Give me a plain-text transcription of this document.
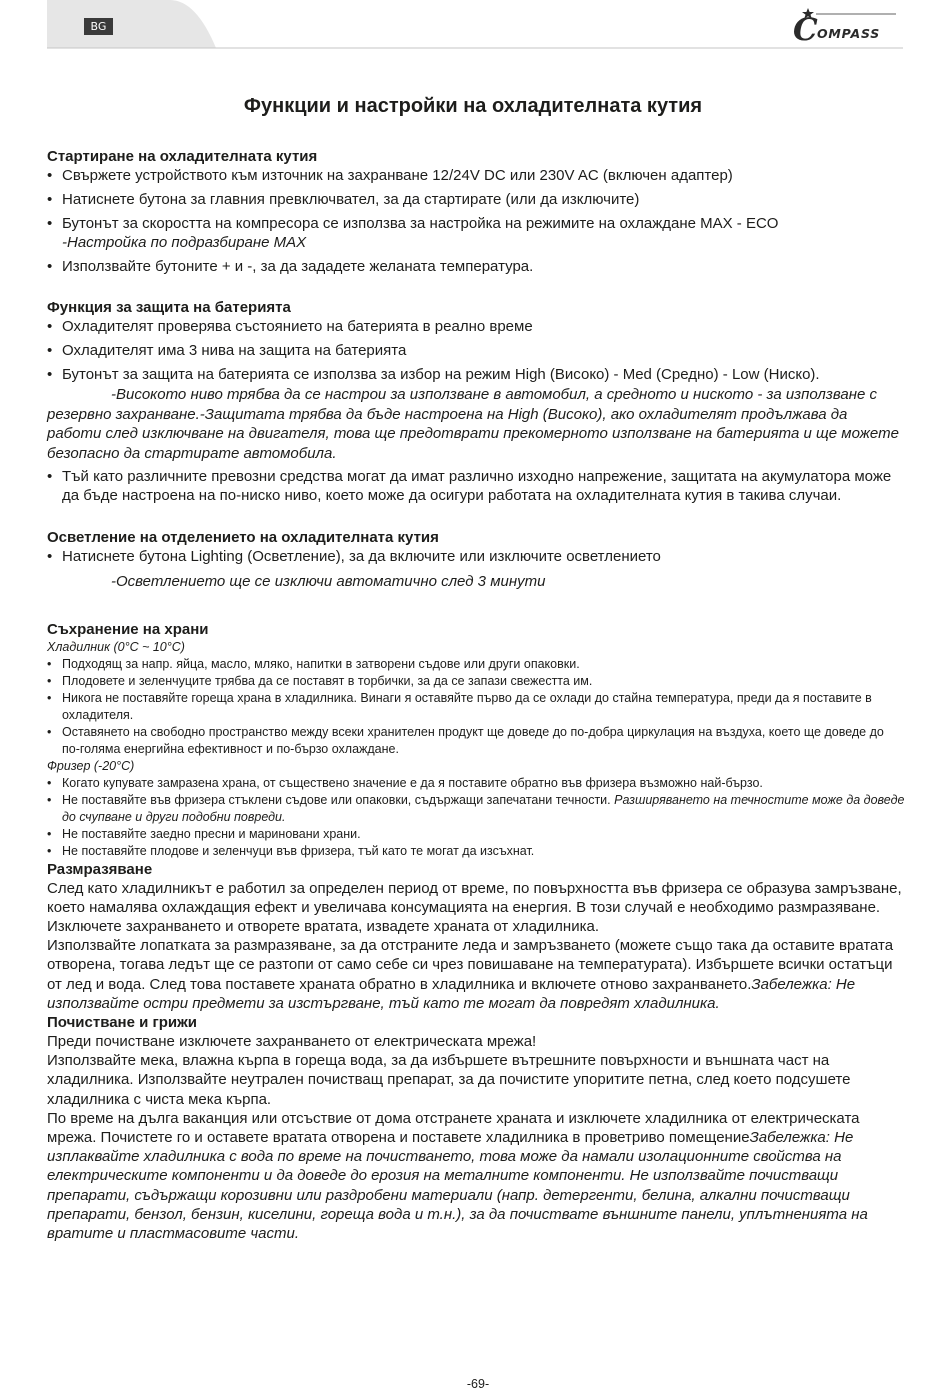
BG	C OMPASS
Функции и настройки на охладителната кутия
Стартиране на охладителната кутия
• Свържете устройството към източник на захранване 12/24V DC или 230V AC (включен адаптер)
• Натиснете бутона за главния превключвател, за да стартирате (или да изключите)
• Бутонът за скоростта на компресора се използва за настройка на режимите на охлаждане MAX - ECO
-Настройка по подразбиране MAX
• Използвайте бутоните + и -, за да зададете желаната температура.
Функция за защита на батерията
• Охладителят проверява състоянието на батерията в реално време
• Охладителят има 3 нива на защита на батерията
• Бутонът за защита на батерията се използва за избор на режим High (Високо) - Med (Средно) - Low (Ниско).

-Високото ниво трябва да се настрои за използване в автомобил, а средното и ниското - за използване с резервно захранване.-Защитата трябва да бъде настроена на High (Високо), ако охладителят продължава да работи след изключване на двигателя, това ще предотврати прекомерното използване на батерията и ще можете безопасно да стартирате автомобила.

• Тъй като различните превозни средства могат да имат различно изходно напрежение, защитата на акумулатора може да бъде настроена на по-ниско ниво, което може да осигури работата на охладителната кутия в такива случаи.
Осветление на отделението на охладителната кутия
• Натиснете бутона Lighting (Осветление), за да включите или изключите осветлението

-Осветлението ще се изключи автоматично след 3 минути

Съхранение на храни

Хладилник (0°C ~ 10°C)

• Подходящ за напр. яйца, масло, мляко, напитки в затворени съдове или други опаковки.
• Плодовете и зеленчуците трябва да се поставят в торбички, за да се запази свежестта им.
• Никога не поставяйте гореща храна в хладилника. Винаги я оставяйте първо да се охлади до стайна температура, преди да я поставите в охладителя.
• Оставянето на свободно пространство между всеки хранителен продукт ще доведе до по-добра циркулация на въздуха, което ще доведе до по-голяма енергийна ефективност и по-бързо охлаждане.

Фризер (-20°C)

• Когато купувате замразена храна, от съществено значение е да я поставите обратно във фризера възможно най-бързо.
• Не поставяйте във фризера стъклени съдове или опаковки, съдържащи запечатани течности. Разширяването на течностите може да доведе до счупване и други подобни повреди.
• Не поставяйте заедно пресни и мариновани храни.
• Не поставяйте плодове и зеленчуци във фризера, тъй като те могат да изсъхнат.
Размразяване

След като хладилникът е работил за определен период от време, по повърхността във фризера се образува замръзване,

което намалява охлаждащия ефект и увеличава консумацията на енергия. В този случай е необходимо размразяване.

Изключете захранването и отворете вратата, извадете храната от хладилника.

Използвайте лопатката за размразяване, за да отстраните леда и замръзването (можете също така да оставите вратата отворена, тогава ледът ще се разтопи от само себе си чрез повишаване на температурата). Избършете всички остатъци от лед и вода. След това поставете храната обратно в хладилника и включете отново захранването.Забележка: Не използвайте остри предмети за изстъргване, тъй като те могат да повредят хладилника.

Почистване и грижи

Преди почистване изключете захранването от електрическата мрежа!

Използвайте мека, влажна кърпа в гореща вода, за да избършете вътрешните повърхности и външната част на хладилника. Използвайте неутрален почистващ препарат, за да почистите упоритите петна, след което подсушете хладилника с чиста мека кърпа.

По време на дълга ваканция или отсъствие от дома отстранете храната и изключете хладилника от електрическата мрежа. Почистете го и оставете вратата отворена и поставете хладилника в проветриво помещениеЗабележка: Не изплаквайте хладилника с вода по време на почистването, това може да намали изолационните свойства на електрическите компоненти и да доведе до ерозия на металните компоненти. Не използвайте почистващи препарати, съдържащи корозивни или раздробени материали (напр. детергенти, белина, алкални почистващи препарати, бензол, бензин, киселини, гореща вода и т.н.), за да почиствате външните панели, уплътненията на вратите и пластмасовите части.

-69-
